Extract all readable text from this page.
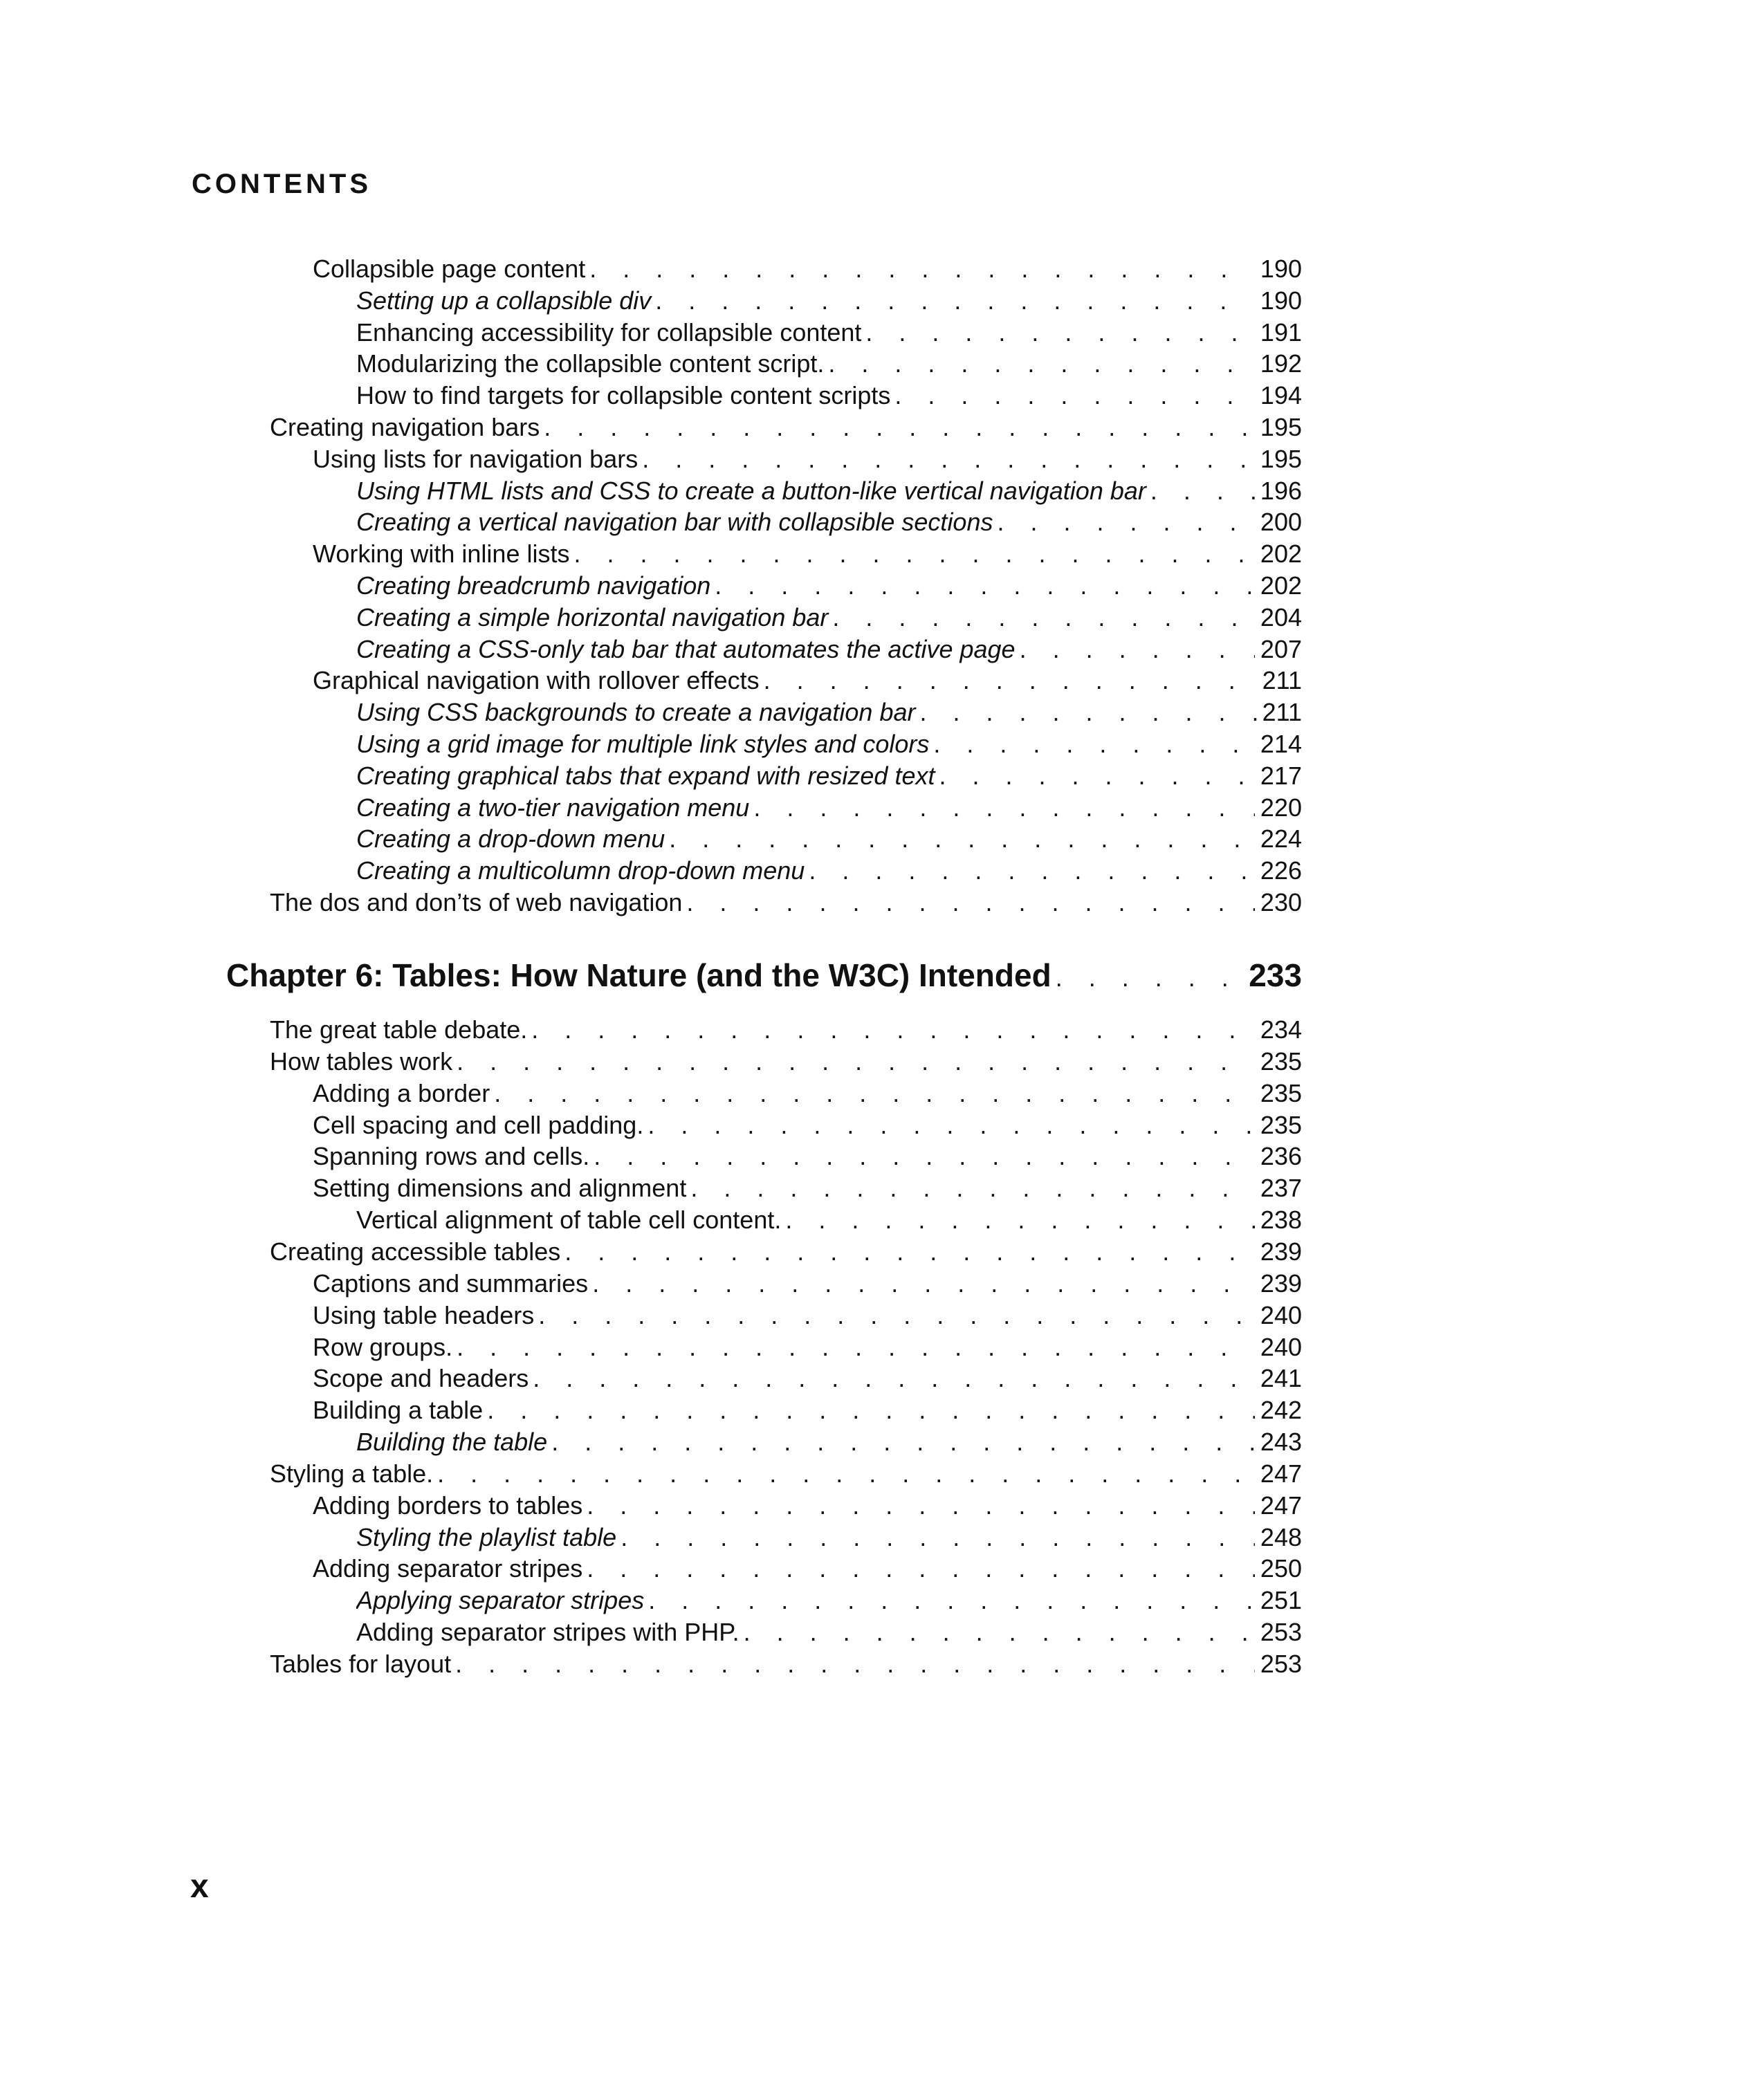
CONTENTS
Collapsible page content . . .	190
Setting up a collapsible div . . .	190
Enhancing accessibility for collapsible content . . .	191
Modularizing the collapsible content script. . . .	192
How to find targets for collapsible content scripts . . .	194
Creating navigation bars . . .	195
Using lists for navigation bars . . .	195
Using HTML lists and CSS to create a button-like vertical navigation bar . . .	196
Creating a vertical navigation bar with collapsible sections . . .	200
Working with inline lists . . .	202
Creating breadcrumb navigation . . .	202
Creating a simple horizontal navigation bar . . .	204
Creating a CSS-only tab bar that automates the active page . . .	207
Graphical navigation with rollover effects . . .	211
Using CSS backgrounds to create a navigation bar . . .	211
Using a grid image for multiple link styles and colors . . .	214
Creating graphical tabs that expand with resized text . . .	217
Creating a two-tier navigation menu . . .	220
Creating a drop-down menu . . .	224
Creating a multicolumn drop-down menu . . .	226
The dos and don’ts of web navigation . . .	230
Chapter 6: Tables: How Nature (and the W3C) Intended . . .	233
The great table debate. . . .	234
How tables work . . .	235
Adding a border . . .	235
Cell spacing and cell padding. . . .	235
Spanning rows and cells. . . .	236
Setting dimensions and alignment . . .	237
Vertical alignment of table cell content. . . .	238
Creating accessible tables . . .	239
Captions and summaries . . .	239
Using table headers . . .	240
Row groups. . . .	240
Scope and headers . . .	241
Building a table . . .	242
Building the table . . .	243
Styling a table. . . .	247
Adding borders to tables . . .	247
Styling the playlist table . . .	248
Adding separator stripes . . .	250
Applying separator stripes . . .	251
Adding separator stripes with PHP. . . .	253
Tables for layout . . .	253
x
